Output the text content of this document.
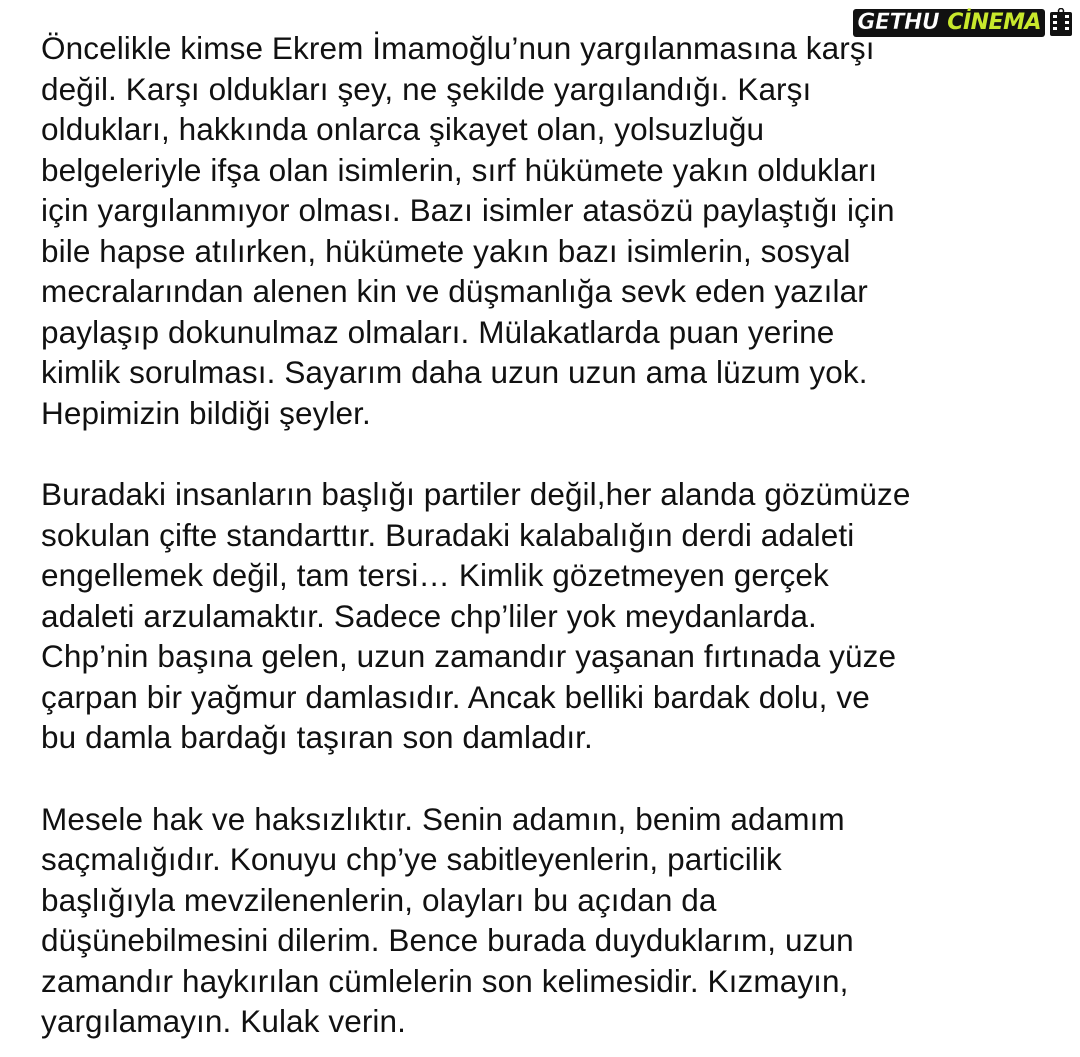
GETHU CİNEMA

Öncelikle kimse Ekrem İmamoğlu’nun yargılanmasına karşı
değil. Karşı oldukları şey, ne şekilde yargılandığı. Karşı
oldukları, hakkında onlarca şikayet olan, yolsuzluğu
belgeleriyle ifşa olan isimlerin, sırf hükümete yakın oldukları
için yargılanmıyor olması. Bazı isimler atasözü paylaştığı için
bile hapse atılırken, hükümete yakın bazı isimlerin, sosyal
mecralarından alenen kin ve düşmanlığa sevk eden yazılar
paylaşıp dokunulmaz olmaları. Mülakatlarda puan yerine
kimlik sorulması. Sayarım daha uzun uzun ama lüzum yok.
Hepimizin bildiği şeyler.

Buradaki insanların başlığı partiler değil,her alanda gözümüze
sokulan çifte standarttır. Buradaki kalabalığın derdi adaleti
engellemek değil, tam tersi… Kimlik gözetmeyen gerçek
adaleti arzulamaktır. Sadece chp’liler yok meydanlarda.
Chp’nin başına gelen, uzun zamandır yaşanan fırtınada yüze
çarpan bir yağmur damlasıdır. Ancak belliki bardak dolu, ve
bu damla bardağı taşıran son damladır.

Mesele hak ve haksızlıktır. Senin adamın, benim adamım
saçmalığıdır. Konuyu chp’ye sabitleyenlerin, particilik
başlığıyla mevzilenenlerin, olayları bu açıdan da
düşünebilmesini dilerim. Bence burada duyduklarım, uzun
zamandır haykırılan cümlelerin son kelimesidir. Kızmayın,
yargılamayın. Kulak verin.
